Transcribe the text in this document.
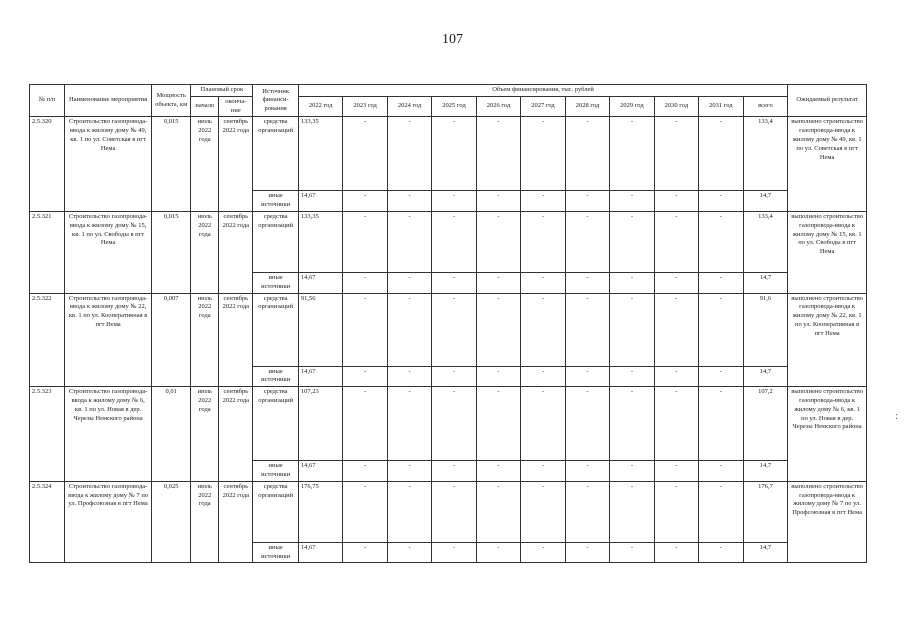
107
№ п/п	Наименование мероприятия	Мощность объекта, км	Плановый срок		Источник финанси-рования	Объем финансирования, тыс. рублей											Ожидаемый результат
			начало	оконча-ние		2022 год	2023 год	2024 год	2025 год	2026 год	2027 год	2028 год	2029 год	2030 год	2031 год	всего	
2.5.320	Строительство газопровода-ввода к жилому дому № 49, кв. 1 по ул. Советская в пгт Нема	0,015	июль 2022 года	сентябрь 2022 года	средства организаций	133,35	-	-	-	-	-	-	-	-	-	133,4	выполнено строительство газопровода-ввода к жилому дому № 49, кв. 1 по ул. Советская в пгт Нема
					иные источники	14,67	-	-	-	-	-	-	-	-	-	14,7	
2.5.321	Строительство газопровода-ввода к жилому дому № 15, кв. 1 по ул. Свободы в пгт Нема	0,015	июль 2022 года	сентябрь 2022 года	средства организаций	133,35	-	-	-	-	-	-	-	-	-	133,4	выполнено строительство газопровода-ввода к жилому дому № 15, кв. 1 по ул. Свободы в пгт Нема
					иные источники	14,67	-	-	-	-	-	-	-	-	-	14,7	
2.5.322	Строительство газопровода-ввода к жилому дому № 22, кв. 1 по ул. Кооперативная в пгт Нема	0,007	июль 2022 года	сентябрь 2022 года	средства организаций	91,56	-	-	-	-	-	-	-	-	-	91,6	выполнено строительство газопровода-ввода к жилому дому № 22, кв. 1 по ул. Кооперативная в пгт Нема
					иные источники	14,67	-	-	-	-	-	-	-	-	-	14,7	
2.5.323	Строительство газопровода-ввода к жилому дому № 6, кв. 1 по ул. Новая в дер. Черезы Немского района	0,01	июль 2022 года	сентябрь 2022 года	средства организаций	107,23	-	-	-	-	-	-	-	-	-	107,2	выполнено строительство газопровода-ввода к жилому дому № 6, кв. 1 по ул. Новая в дер. Черезы Немского района
					иные источники	14,67	-	-	-	-	-	-	-	-	-	14,7	
2.5.324	Строительство газопровода-ввода к жилому дому № 7 по ул. Профсоюзная в пгт Нема	0,025	июль 2022 года	сентябрь 2022 года	средства организаций	176,75	-	-	-	-	-	-	-	-	-	176,7	выполнено строительство газопровода-ввода к жилому дому № 7 по ул. Профсоюзная в пгт Нема
					иные источники	14,67	-	-	-	-	-	-	-	-	-	14,7	
:
